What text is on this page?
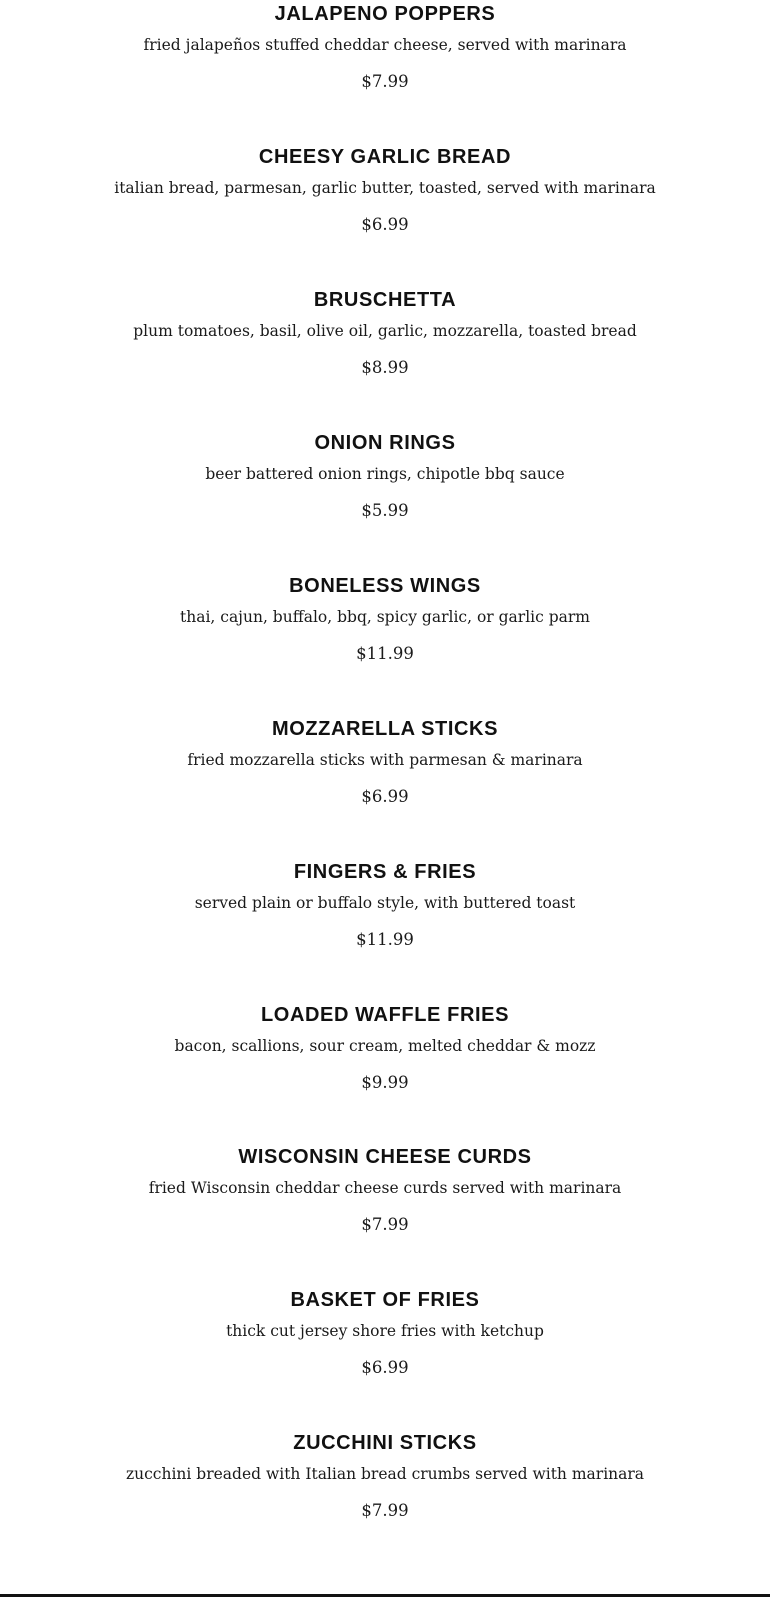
JALAPENO POPPERS
fried jalapeños stuffed cheddar cheese, served with marinara
$7.99
CHEESY GARLIC BREAD
italian bread, parmesan, garlic butter, toasted, served with marinara
$6.99
BRUSCHETTA
plum tomatoes, basil, olive oil, garlic, mozzarella, toasted bread
$8.99
ONION RINGS
beer battered onion rings, chipotle bbq sauce
$5.99
BONELESS WINGS
thai, cajun, buffalo, bbq, spicy garlic, or garlic parm
$11.99
MOZZARELLA STICKS
fried mozzarella sticks with parmesan & marinara
$6.99
FINGERS & FRIES
served plain or buffalo style, with buttered toast
$11.99
LOADED WAFFLE FRIES
bacon, scallions, sour cream, melted cheddar & mozz
$9.99
WISCONSIN CHEESE CURDS
fried Wisconsin cheddar cheese curds served with marinara
$7.99
BASKET OF FRIES
thick cut jersey shore fries with ketchup
$6.99
ZUCCHINI STICKS
zucchini breaded with Italian bread crumbs served with marinara
$7.99
